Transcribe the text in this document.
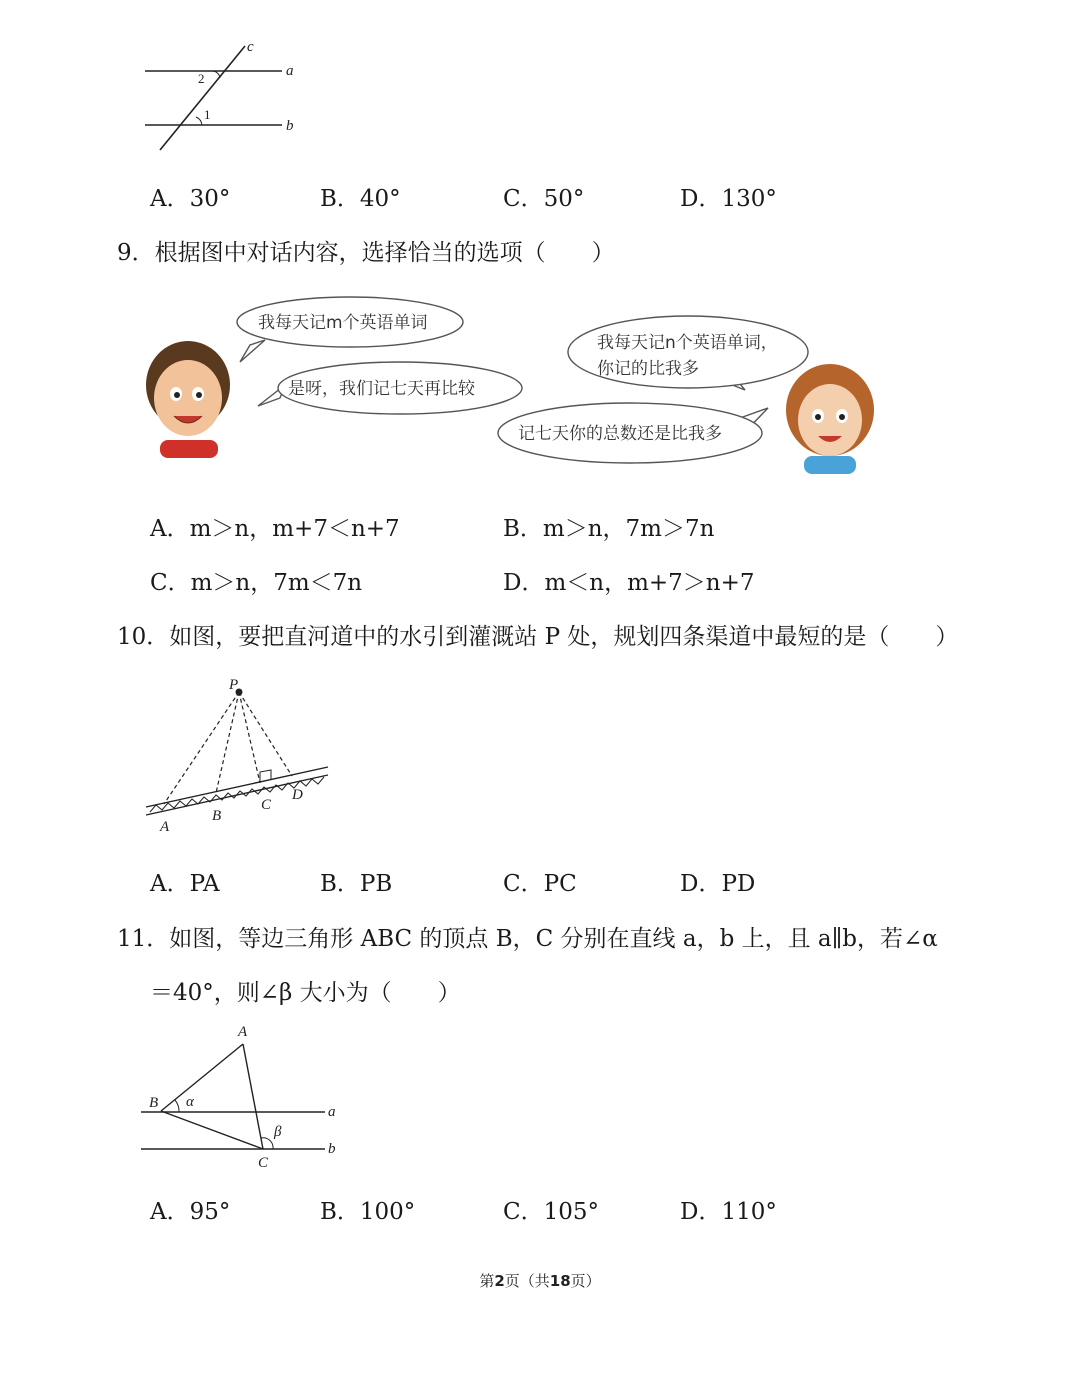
c
a
b
2
1
A．30°	B．40°	C．50°	D．130°
9．根据图中对话内容，选择恰当的选项（　　）
我每天记m个英语单词
是呀，我们记七天再比较
我每天记n个英语单词，
你记的比我多
记七天你的总数还是比我多
A．m＞n，m+7＜n+7	B．m＞n，7m＞7n
C．m＞n，7m＜7n	D．m＜n，m+7＞n+7
10．如图，要把直河道中的水引到灌溉站 P 处，规划四条渠道中最短的是（　　）
P
A
B
C
D
A．PA	B．PB	C．PC	D．PD
11．如图，等边三角形 ABC 的顶点 B，C 分别在直线 a，b 上，且 a∥b，若∠α
＝40°，则∠β 大小为（　　）
A
B
C
a
b
α
β
A．95°	B．100°	C．105°	D．110°
第2页（共18页）
